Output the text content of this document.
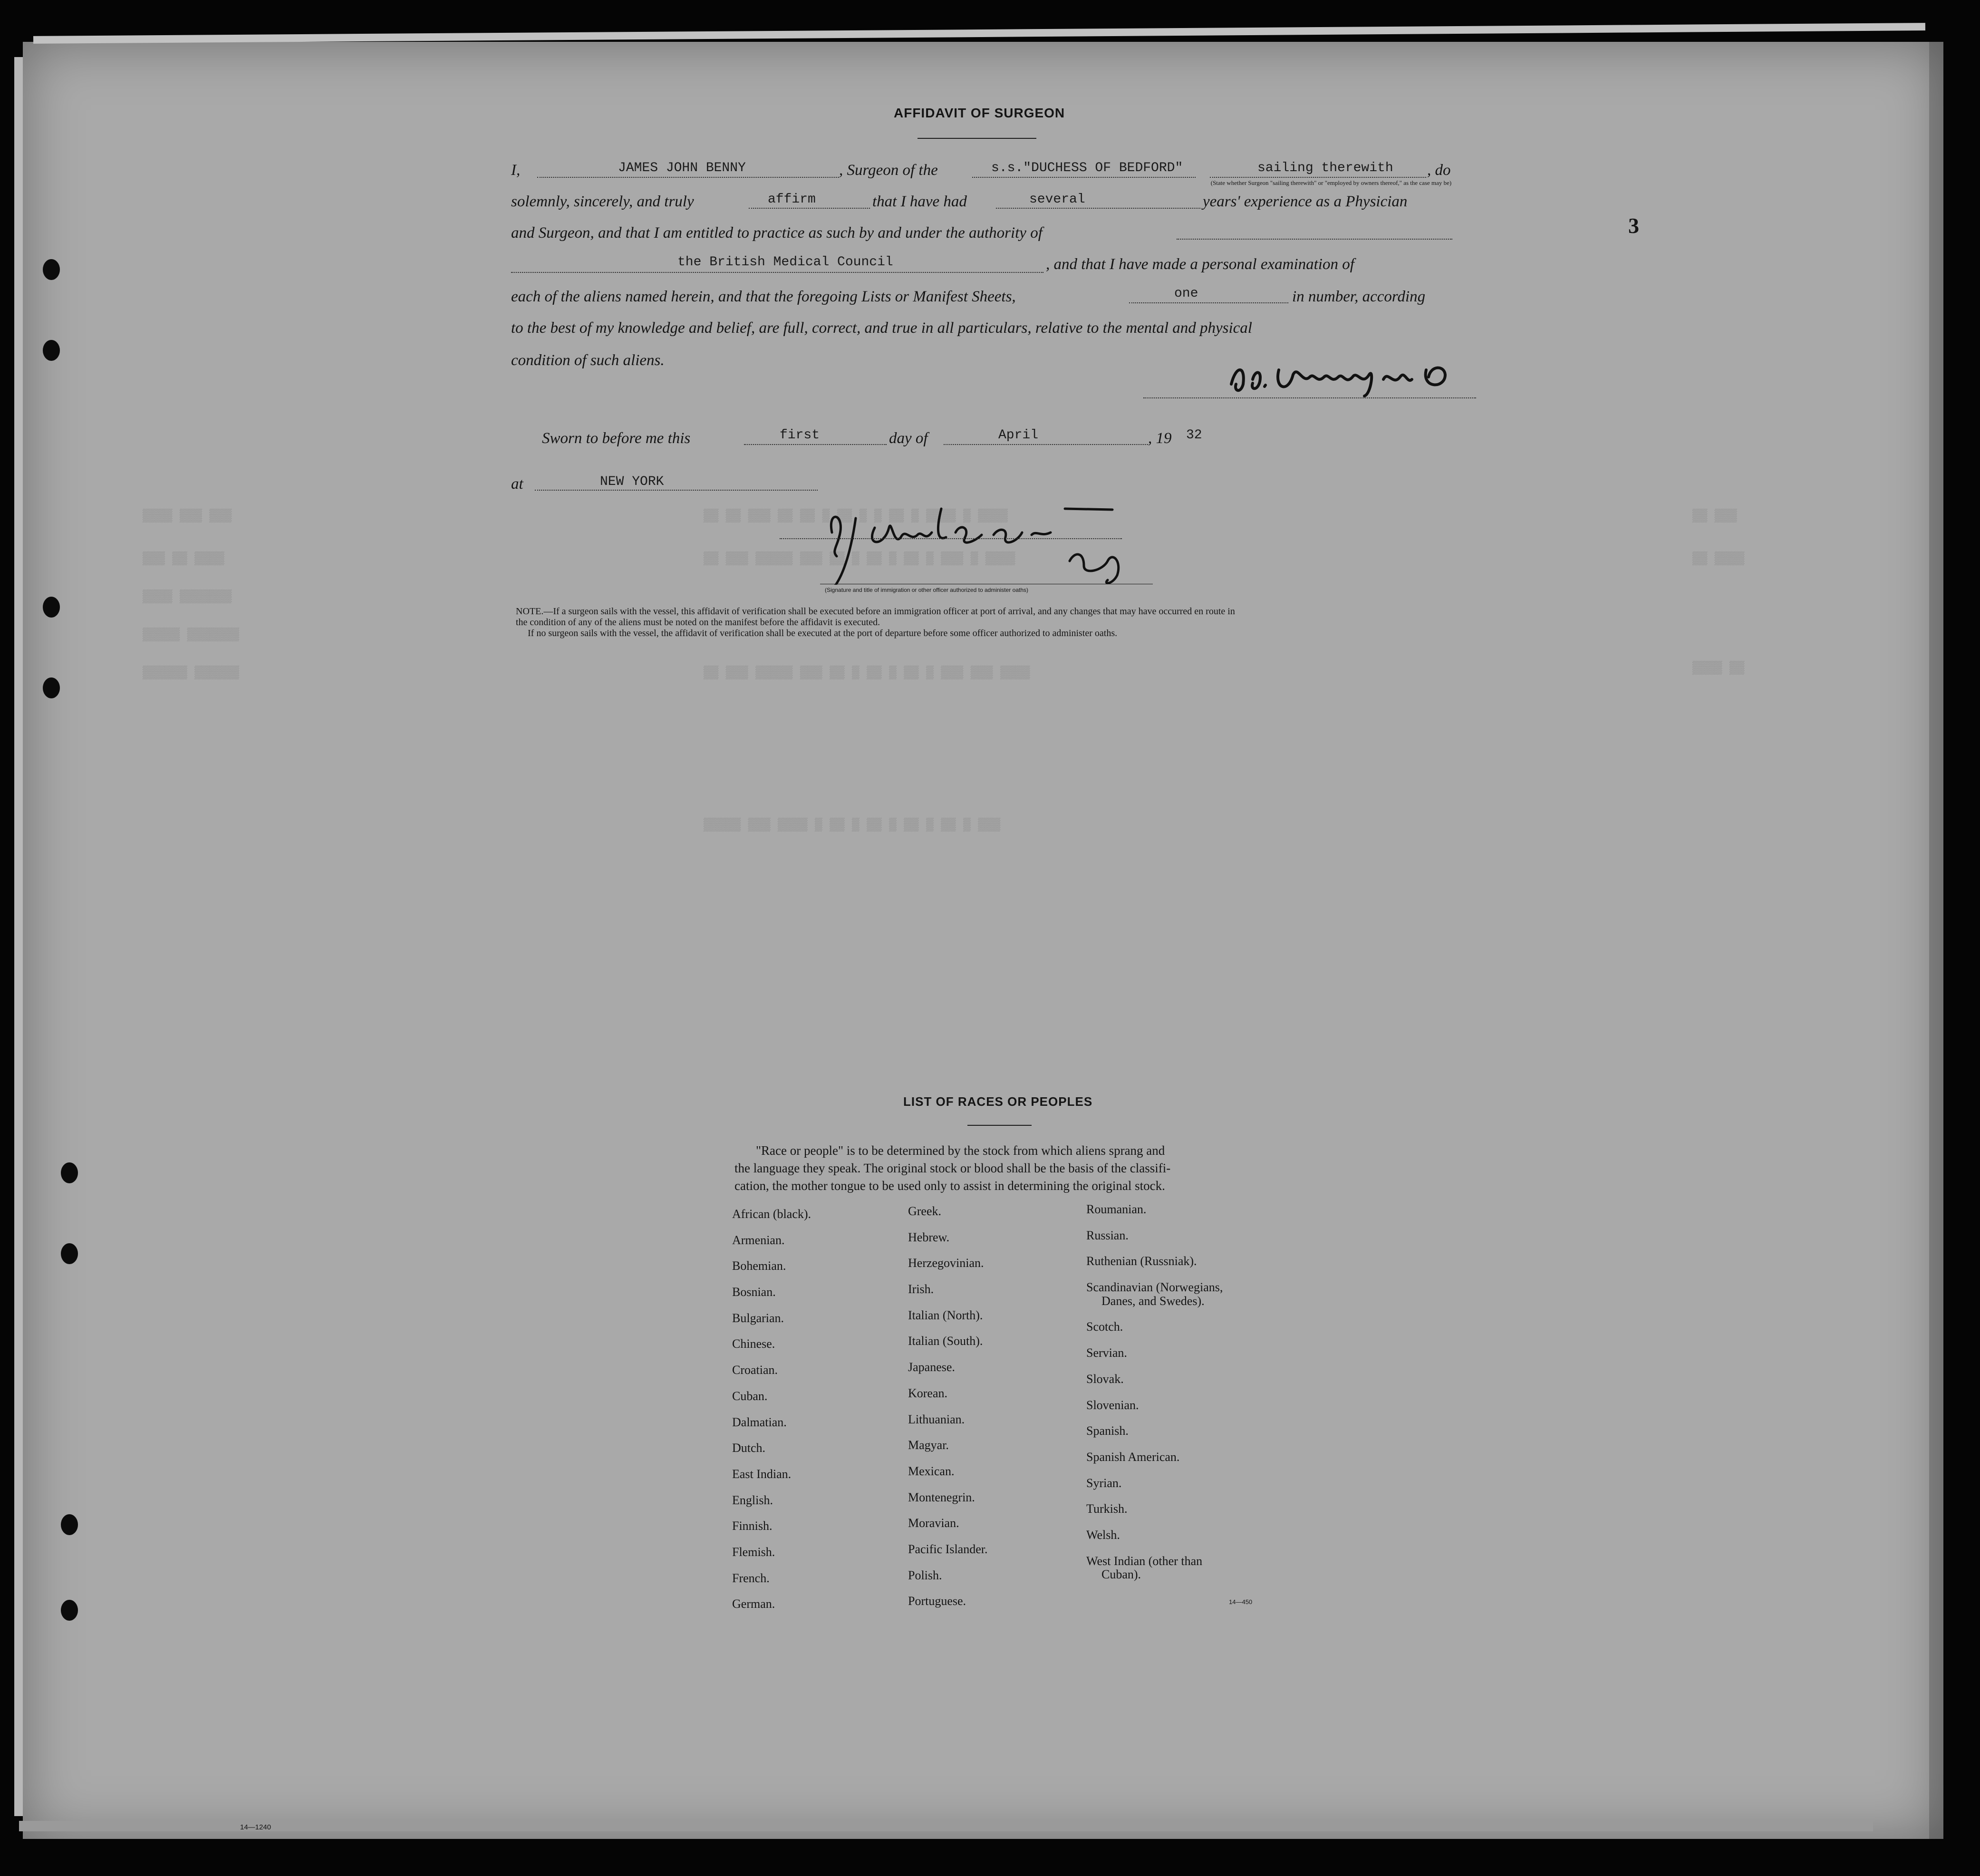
▒▒▒▒ ▒▒▒ ▒▒▒	▒▒ ▒▒ ▒▒▒ ▒▒ ▒▒ ▒ ▒▒ ▒ ▒ ▒▒ ▒ ▒▒▒▒ ▒ ▒▒▒▒
▒▒▒ ▒▒ ▒▒▒▒	▒▒ ▒▒▒ ▒▒▒▒▒ ▒▒▒ ▒▒ ▒ ▒▒ ▒ ▒▒ ▒ ▒▒▒ ▒ ▒▒▒▒
▒▒▒▒ ▒▒▒▒▒▒▒
▒▒▒▒▒ ▒▒▒▒▒▒▒
▒▒▒▒▒▒ ▒▒▒▒▒▒	▒▒ ▒▒▒ ▒▒▒▒▒ ▒▒▒ ▒▒ ▒ ▒▒ ▒ ▒▒ ▒ ▒▒▒ ▒▒▒ ▒▒▒▒
▒▒▒▒▒ ▒▒▒ ▒▒▒▒ ▒ ▒▒ ▒ ▒▒ ▒ ▒▒ ▒ ▒▒ ▒ ▒▒▒
▒▒ ▒▒▒
▒▒ ▒▒▒▒
▒▒▒▒ ▒▒
AFFIDAVIT OF SURGEON
I,	JAMES JOHN BENNY	, Surgeon of the	s.s."DUCHESS OF BEDFORD"	sailing therewith , do
(State whether Surgeon "sailing therewith" or "employed by owners thereof," as the case may be)
solemnly, sincerely, and truly	affirm	that I have had	several	years' experience as a Physician
and Surgeon, and that I am entitled to practice as such by and under the authority of
the British Medical Council	, and that I have made a personal examination of
each of the aliens named herein, and that the foregoing Lists or Manifest Sheets,	one	in number, according
to the best of my knowledge and belief, are full, correct, and true in all particulars, relative to the mental and physical
condition of such aliens.
Sworn to before me this	first	day of	April	, 19 32
at	NEW YORK
(Signature and title of immigration or other officer authorized to administer oaths)
NOTE.—If a surgeon sails with the vessel, this affidavit of verification shall be executed before an immigration officer at port of arrival, and any changes that may have occurred en route in
the condition of any of the aliens must be noted on the manifest before the affidavit is executed.
If no surgeon sails with the vessel, the affidavit of verification shall be executed at the port of departure before some officer authorized to administer oaths.
3
LIST OF RACES OR PEOPLES
"Race or people" is to be determined by the stock from which aliens sprang and
the language they speak. The original stock or blood shall be the basis of the classifi-
cation, the mother tongue to be used only to assist in determining the original stock.
African (black).
Armenian.
Bohemian.
Bosnian.
Bulgarian.
Chinese.
Croatian.
Cuban.
Dalmatian.
Dutch.
East Indian.
English.
Finnish.
Flemish.
French.
German.
Greek.
Hebrew.
Herzegovinian.
Irish.
Italian (North).
Italian (South).
Japanese.
Korean.
Lithuanian.
Magyar.
Mexican.
Montenegrin.
Moravian.
Pacific Islander.
Polish.
Portuguese.
Roumanian.
Russian.
Ruthenian (Russniak).
Scandinavian (Norwegians,
Danes, and Swedes).
Scotch.
Servian.
Slovak.
Slovenian.
Spanish.
Spanish American.
Syrian.
Turkish.
Welsh.
West Indian (other than
Cuban).
14—450
14—1240
